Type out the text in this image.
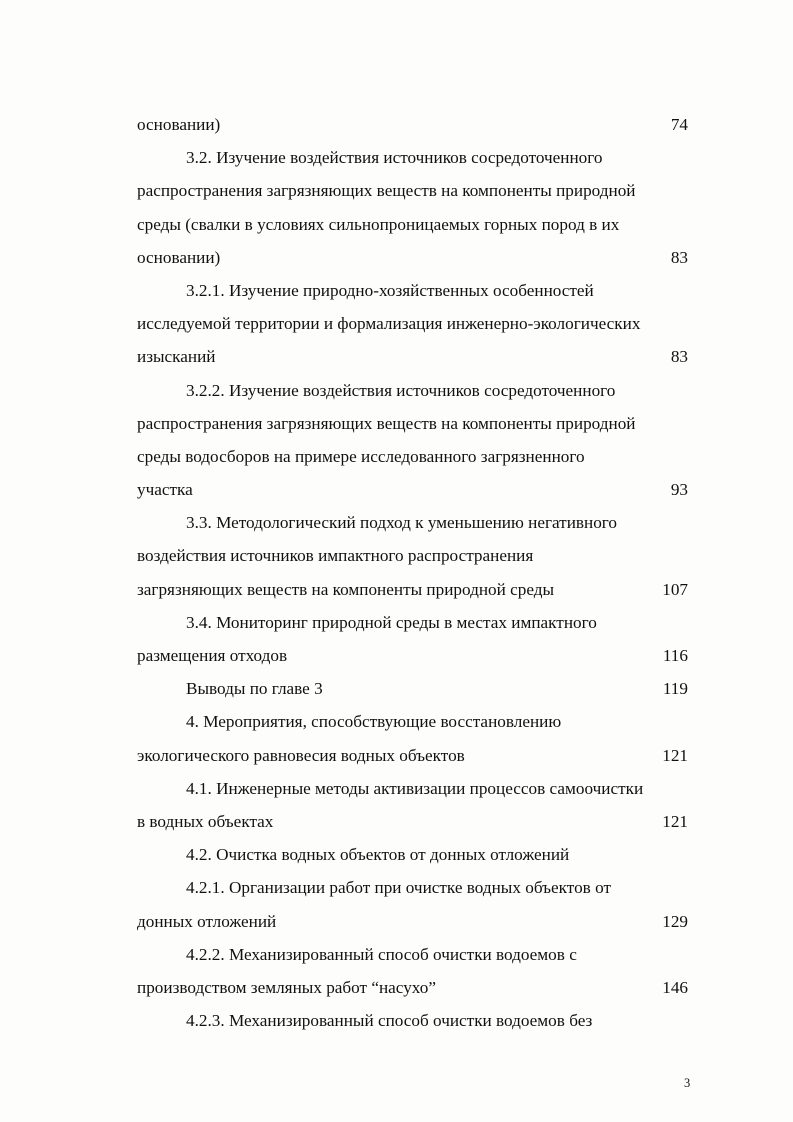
основании)	74
3.2. Изучение воздействия источников сосредоточенного
распространения загрязняющих веществ на компоненты природной
среды (свалки в условиях сильнопроницаемых горных пород в их
основании)	83
3.2.1. Изучение природно-хозяйственных особенностей
исследуемой территории и формализация инженерно-экологических
изысканий	83
3.2.2. Изучение воздействия источников сосредоточенного
распространения загрязняющих веществ на компоненты природной
среды водосборов на примере исследованного загрязненного
участка	93
3.3. Методологический подход к уменьшению негативного
воздействия источников импактного распространения
загрязняющих веществ на компоненты природной среды	107
3.4. Мониторинг природной среды в местах импактного
размещения отходов	116
Выводы по главе 3	119
4. Мероприятия, способствующие восстановлению
экологического равновесия водных объектов	121
4.1. Инженерные методы активизации процессов самоочистки
в водных объектах	121
4.2. Очистка водных объектов от донных отложений
4.2.1. Организации работ при очистке водных объектов от
донных отложений	129
4.2.2. Механизированный способ очистки водоемов с
производством земляных работ “насухо”	146
4.2.3. Механизированный способ очистки водоемов без
3
